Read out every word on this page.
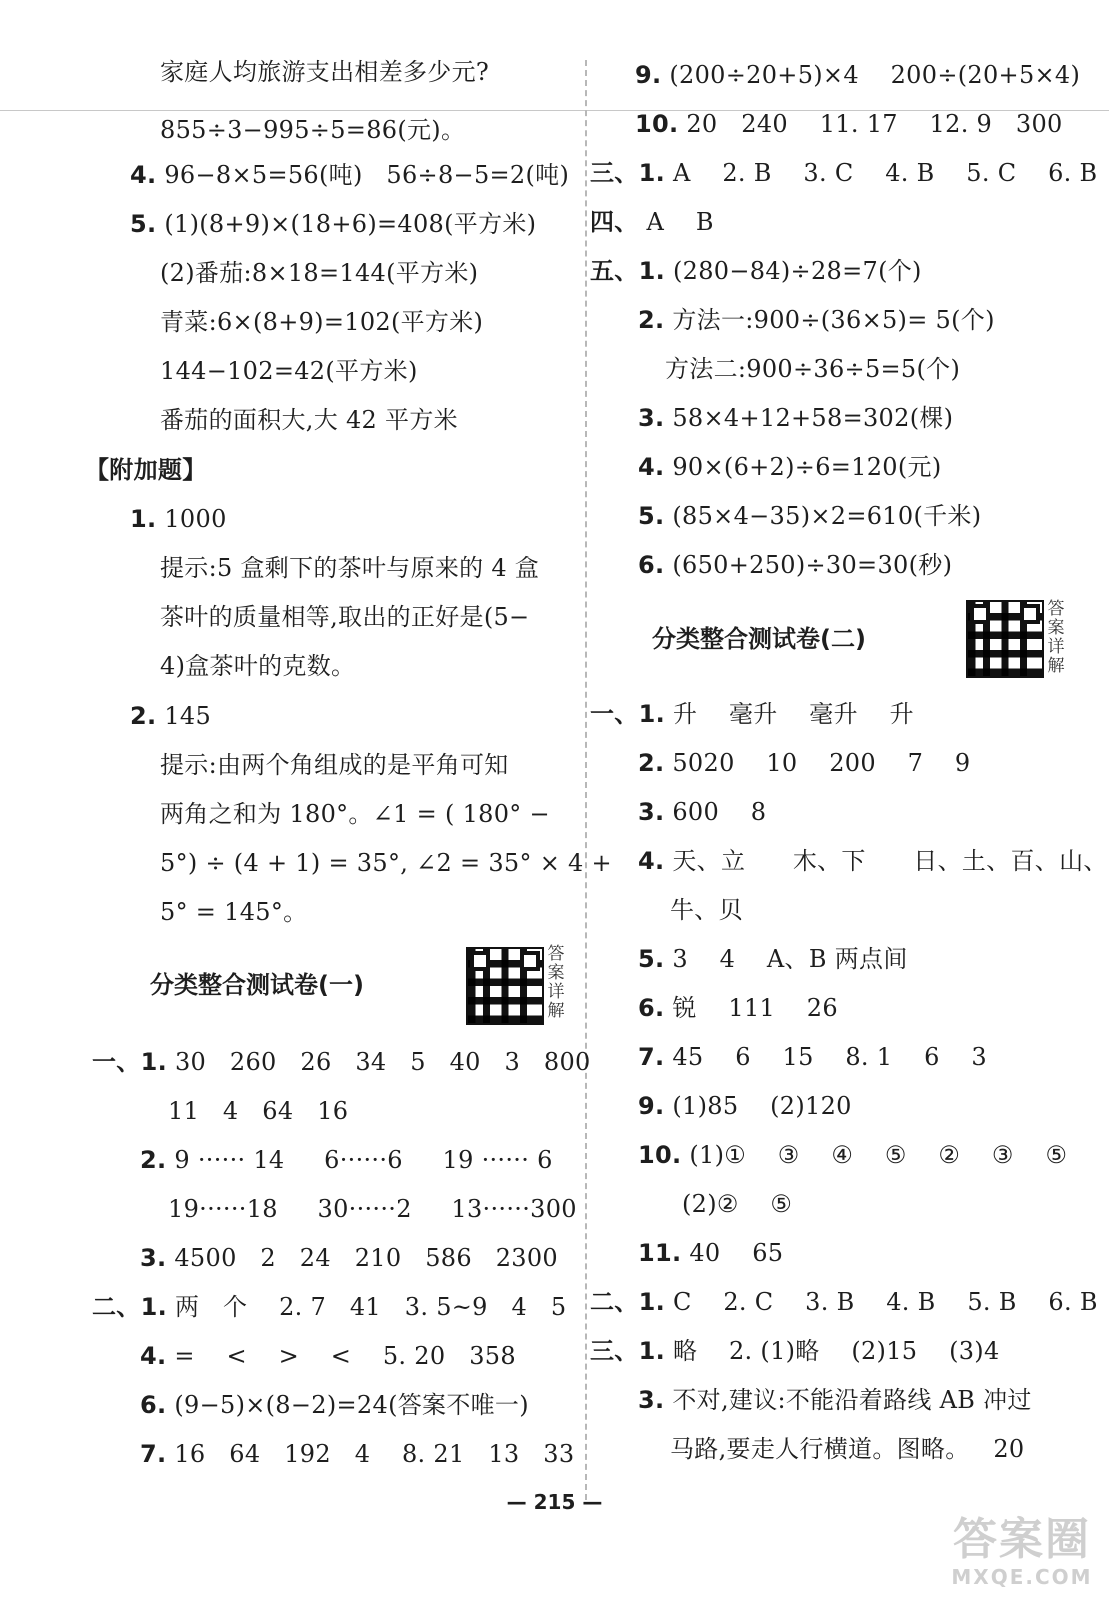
家庭人均旅游支出相差多少元?
855÷3−995÷5=86(元)。
4. 96−8×5=56(吨)   56÷8−5=2(吨)
5. (1)(8+9)×(18+6)=408(平方米)
(2)番茄:8×18=144(平方米)
青菜:6×(8+9)=102(平方米)
144−102=42(平方米)
番茄的面积大,大 42 平方米
【附加题】
1. 1000
提示:5 盒剩下的茶叶与原来的 4 盒
茶叶的质量相等,取出的正好是(5−
4)盒茶叶的克数。
2. 145
提示:由两个角组成的是平角可知
两角之和为 180°。∠1 = ( 180° −
5°) ÷ (4 + 1) = 35°, ∠2 = 35° × 4 +
5° = 145°。
分类整合测试卷(一)
答案详解
一、1. 30   260   26   34   5   40   3   800
11   4   64   16
2. 9 ······ 14     6······6     19 ······ 6
19······18     30······2     13······300
3. 4500   2   24   210   586   2300
二、1. 两   个    2. 7   41   3. 5~9   4   5
4. =    <    >    <    5. 20   358
6. (9−5)×(8−2)=24(答案不唯一)
7. 16   64   192   4    8. 21   13   33
9. (200÷20+5)×4    200÷(20+5×4)
10. 20   240    11. 17    12. 9   300
三、1. A    2. B    3. C    4. B    5. C    6. B
四、 A    B
五、1. (280−84)÷28=7(个)
2. 方法一:900÷(36×5)= 5(个)
方法二:900÷36÷5=5(个)
3. 58×4+12+58=302(棵)
4. 90×(6+2)÷6=120(元)
5. (85×4−35)×2=610(千米)
6. (650+250)÷30=30(秒)
分类整合测试卷(二)
答案详解
一、1. 升    毫升    毫升    升
2. 5020    10    200    7    9
3. 600    8
4. 天、立      木、下      日、土、百、山、
牛、贝
5. 3    4    A、B 两点间
6. 锐    111    26
7. 45    6    15    8. 1    6    3
9. (1)85    (2)120
10. (1)①    ③    ④    ⑤    ②    ③    ⑤
(2)②    ⑤
11. 40    65
二、1. C    2. C    3. B    4. B    5. B    6. B
三、1. 略    2. (1)略    (2)15    (3)4
3. 不对,建议:不能沿着路线 AB 冲过
马路,要走人行横道。图略。   20
— 215 —
答案圈
MXQE.COM
